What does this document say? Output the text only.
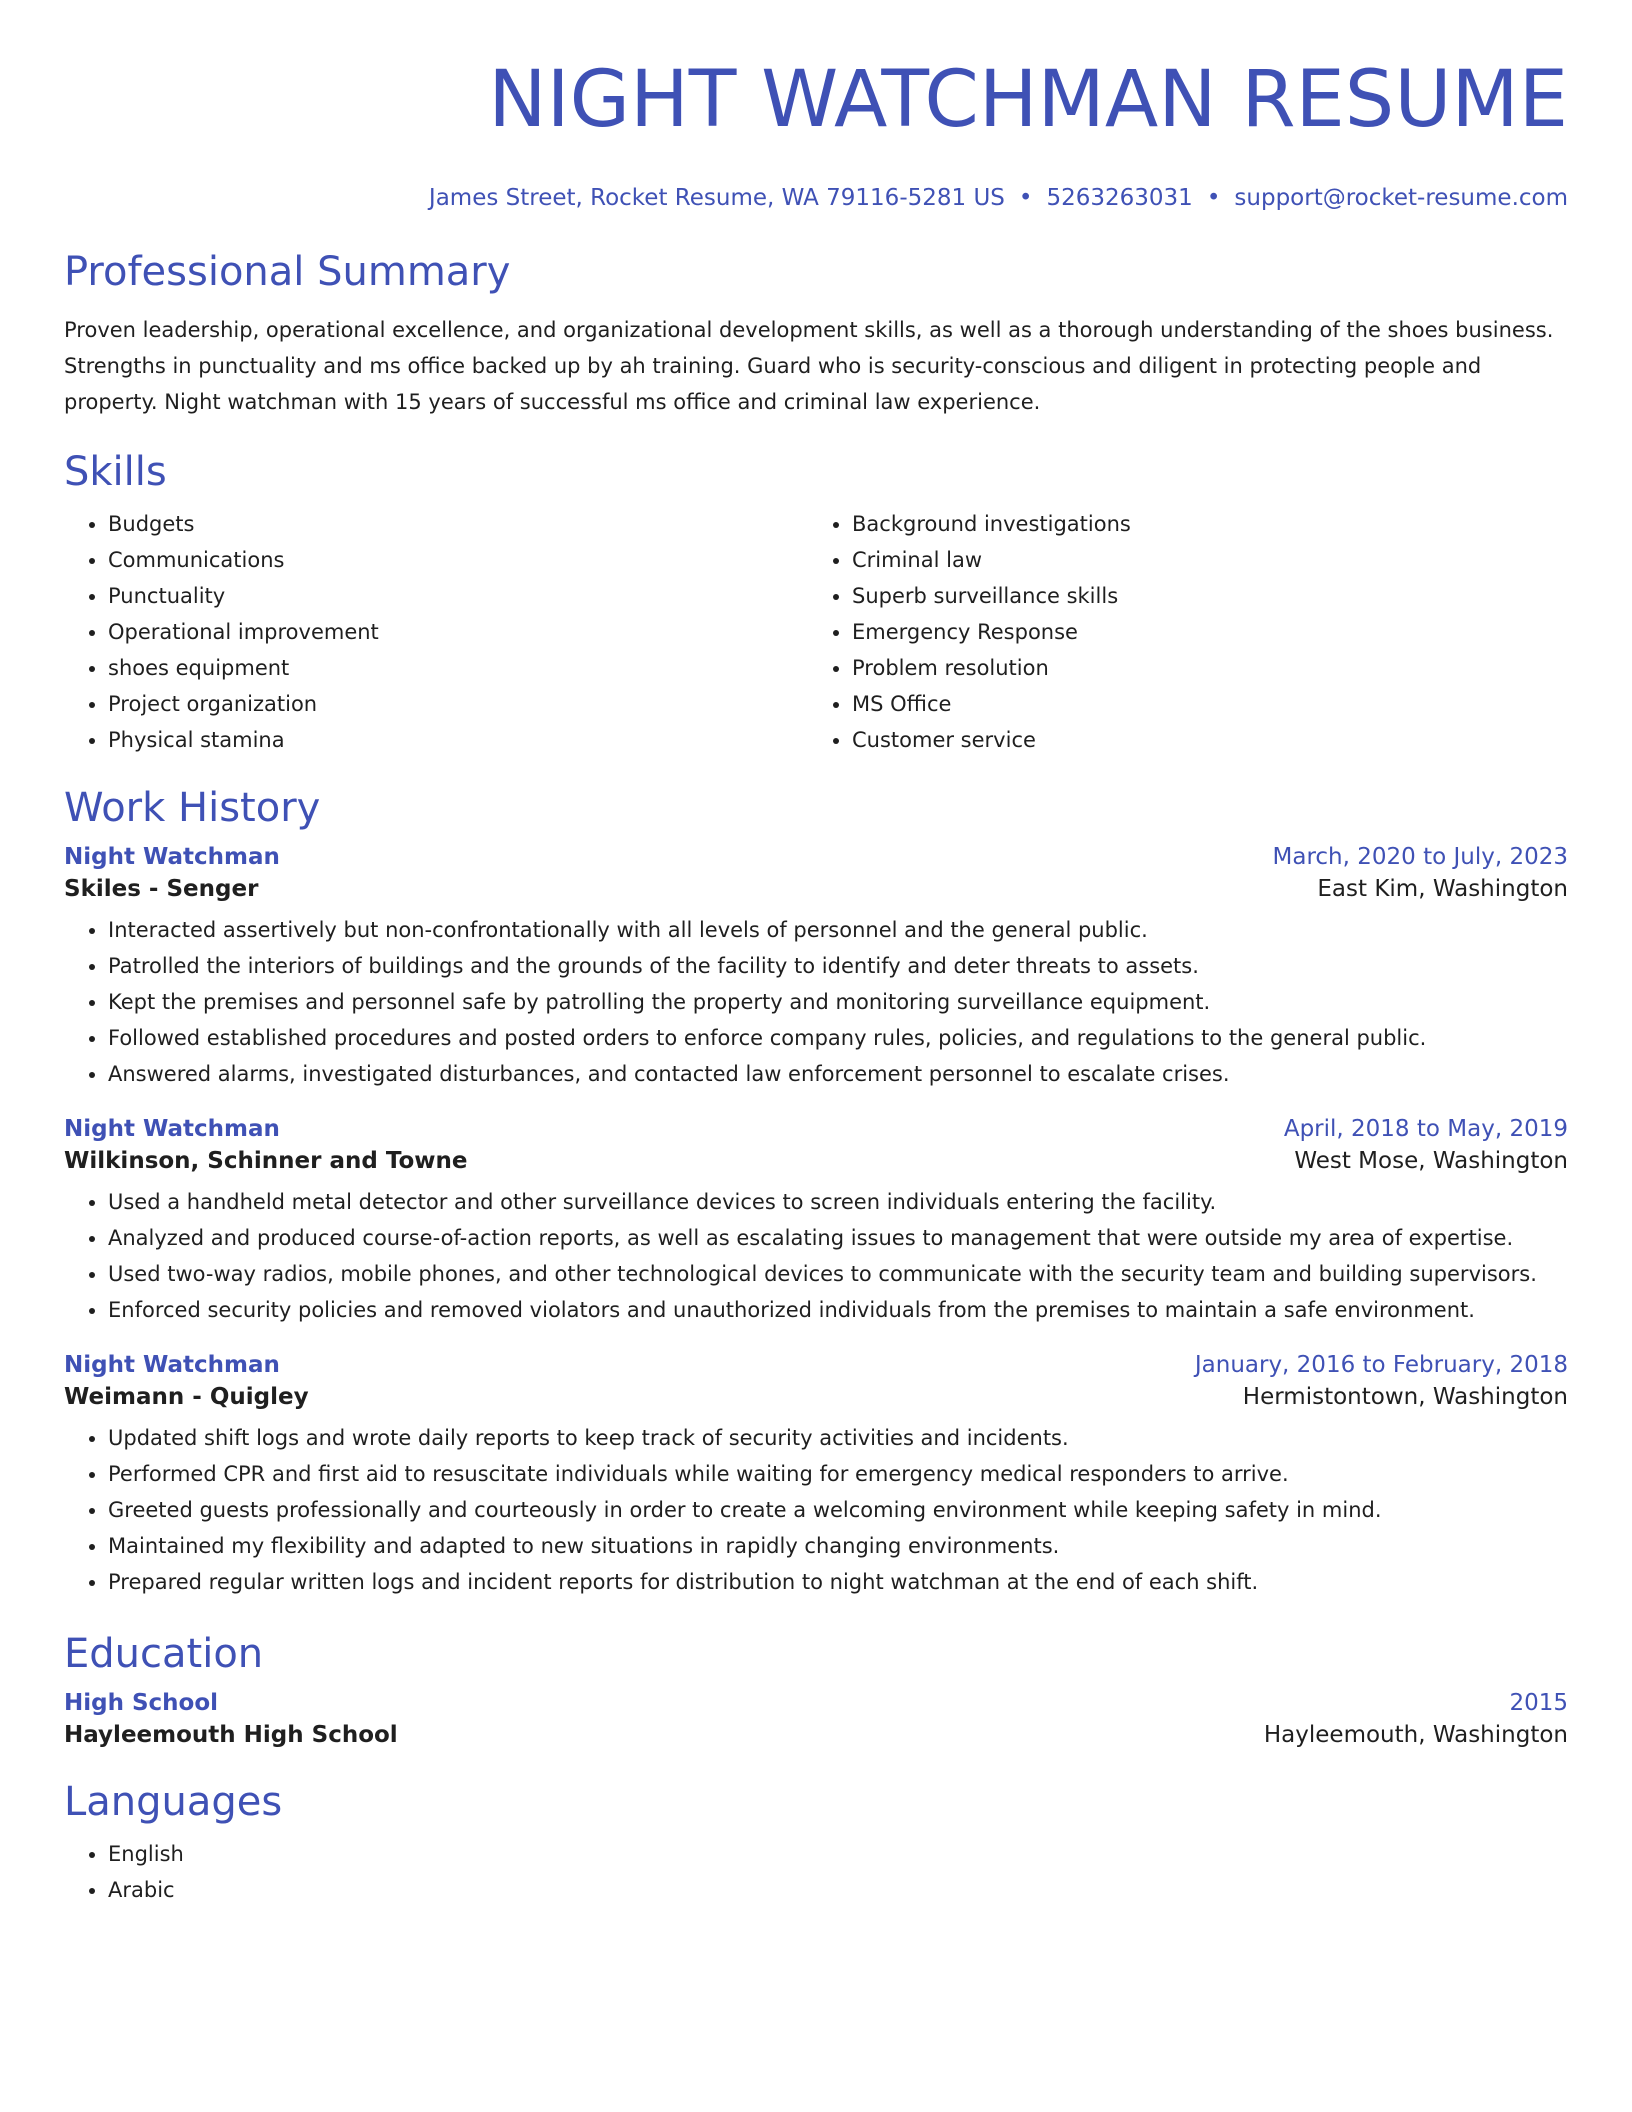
NIGHT WATCHMAN RESUME
James Street, Rocket Resume, WA 79116-5281 US • 5263263031 • support@rocket-resume.com
Professional Summary
Proven leadership, operational excellence, and organizational development skills, as well as a thorough understanding of the shoes business. Strengths in punctuality and ms office backed up by ah training. Guard who is security-conscious and diligent in protecting people and property. Night watchman with 15 years of successful ms office and criminal law experience.
Skills
• Budgets
• Communications
• Punctuality
• Operational improvement
• shoes equipment
• Project organization
• Physical stamina
• Background investigations
• Criminal law
• Superb surveillance skills
• Emergency Response
• Problem resolution
• MS Office
• Customer service
Work History
Night Watchman	March, 2020 to July, 2023
Skiles - Senger	East Kim, Washington
• Interacted assertively but non-confrontationally with all levels of personnel and the general public.
• Patrolled the interiors of buildings and the grounds of the facility to identify and deter threats to assets.
• Kept the premises and personnel safe by patrolling the property and monitoring surveillance equipment.
• Followed established procedures and posted orders to enforce company rules, policies, and regulations to the general public.
• Answered alarms, investigated disturbances, and contacted law enforcement personnel to escalate crises.
Night Watchman	April, 2018 to May, 2019
Wilkinson, Schinner and Towne	West Mose, Washington
• Used a handheld metal detector and other surveillance devices to screen individuals entering the facility.
• Analyzed and produced course-of-action reports, as well as escalating issues to management that were outside my area of expertise.
• Used two-way radios, mobile phones, and other technological devices to communicate with the security team and building supervisors.
• Enforced security policies and removed violators and unauthorized individuals from the premises to maintain a safe environment.
Night Watchman	January, 2016 to February, 2018
Weimann - Quigley	Hermistontown, Washington
• Updated shift logs and wrote daily reports to keep track of security activities and incidents.
• Performed CPR and first aid to resuscitate individuals while waiting for emergency medical responders to arrive.
• Greeted guests professionally and courteously in order to create a welcoming environment while keeping safety in mind.
• Maintained my flexibility and adapted to new situations in rapidly changing environments.
• Prepared regular written logs and incident reports for distribution to night watchman at the end of each shift.
Education
High School	2015
Hayleemouth High School	Hayleemouth, Washington
Languages
• English
• Arabic
